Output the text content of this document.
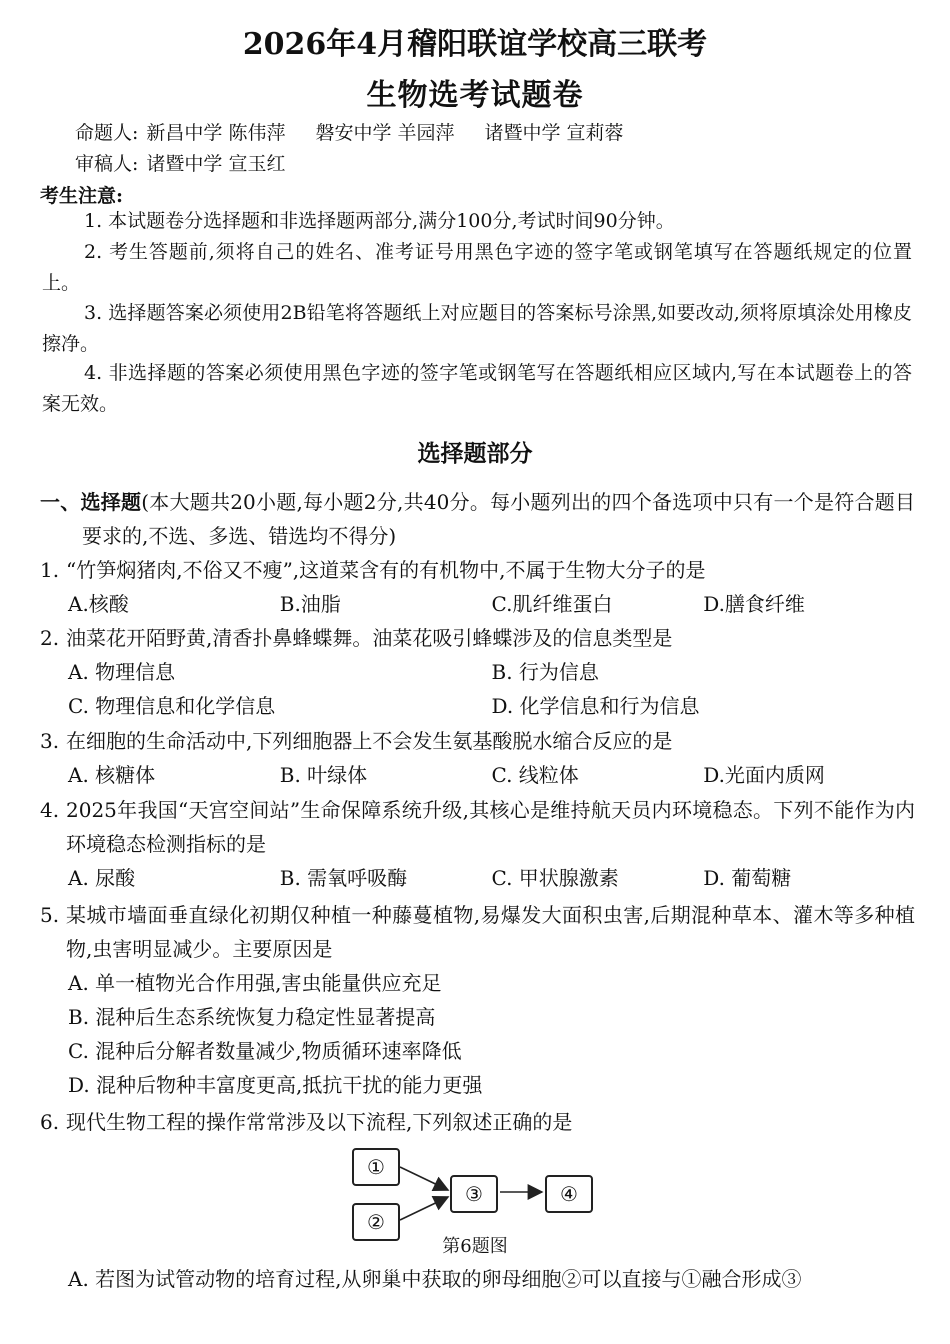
2026年4月稽阳联谊学校高三联考
生物选考试题卷
命题人: 新昌中学 陈伟萍 磐安中学 羊园萍 诸暨中学 宣莉蓉
审稿人: 诸暨中学 宣玉红
考生注意:
1. 本试题卷分选择题和非选择题两部分,满分100分,考试时间90分钟。
2. 考生答题前,须将自己的姓名、准考证号用黑色字迹的签字笔或钢笔填写在答题纸规定的位置上。
3. 选择题答案必须使用2B铅笔将答题纸上对应题目的答案标号涂黑,如要改动,须将原填涂处用橡皮擦净。
4. 非选择题的答案必须使用黑色字迹的签字笔或钢笔写在答题纸相应区域内,写在本试题卷上的答案无效。
选择题部分
一、选择题(本大题共20小题,每小题2分,共40分。每小题列出的四个备选项中只有一个是符合题目要求的,不选、多选、错选均不得分)
1. “竹笋焖猪肉,不俗又不瘦”,这道菜含有的有机物中,不属于生物大分子的是
A.核酸	B.油脂	C.肌纤维蛋白	D.膳食纤维
2. 油菜花开陌野黄,清香扑鼻蜂蝶舞。油菜花吸引蜂蝶涉及的信息类型是
A. 物理信息	B. 行为信息
C. 物理信息和化学信息	D. 化学信息和行为信息
3. 在细胞的生命活动中,下列细胞器上不会发生氨基酸脱水缩合反应的是
A. 核糖体	B. 叶绿体	C. 线粒体	D.光面内质网
4. 2025年我国“天宫空间站”生命保障系统升级,其核心是维持航天员内环境稳态。下列不能作为内环境稳态检测指标的是
A. 尿酸	B. 需氧呼吸酶	C. 甲状腺激素	D. 葡萄糖
5. 某城市墙面垂直绿化初期仅种植一种藤蔓植物,易爆发大面积虫害,后期混种草本、灌木等多种植物,虫害明显减少。主要原因是
A. 单一植物光合作用强,害虫能量供应充足
B. 混种后生态系统恢复力稳定性显著提高
C. 混种后分解者数量减少,物质循环速率降低
D. 混种后物种丰富度更高,抵抗干扰的能力更强
6. 现代生物工程的操作常常涉及以下流程,下列叙述正确的是
①
②
③	④
第6题图
A. 若图为试管动物的培育过程,从卵巢中获取的卵母细胞②可以直接与①融合形成③
